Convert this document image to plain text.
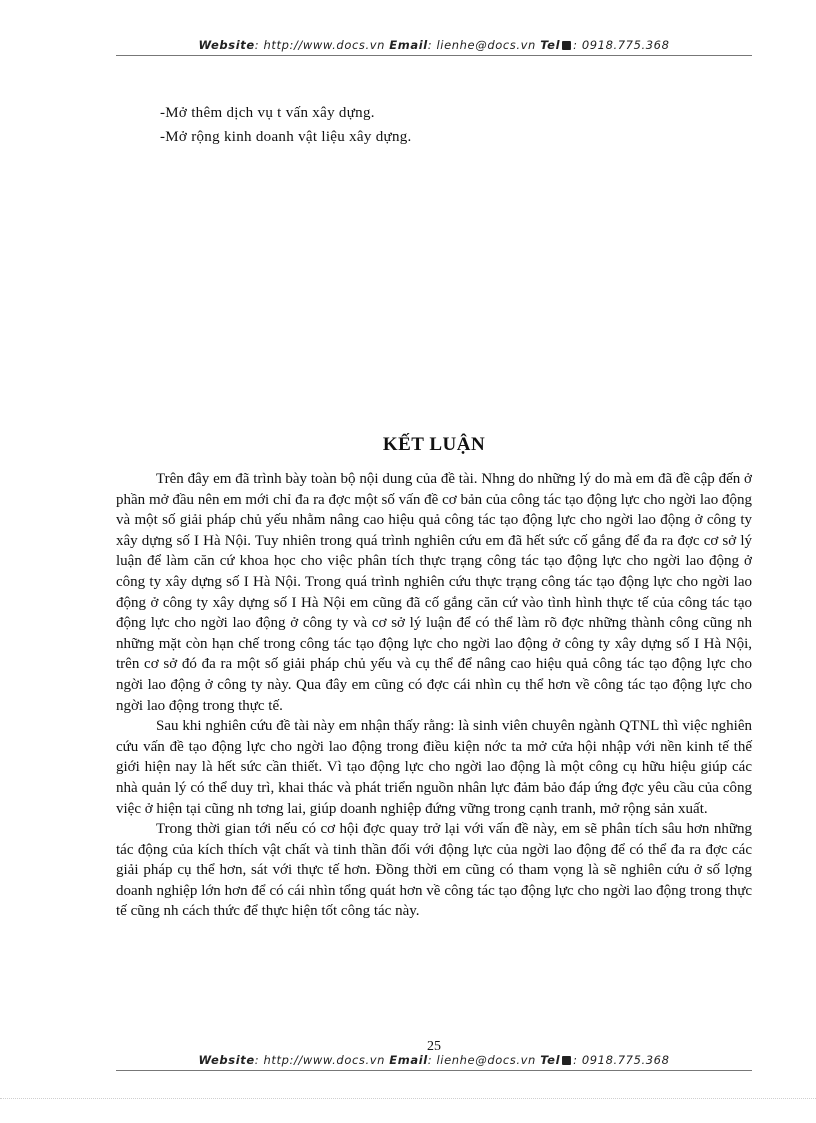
Website: http://www.docs.vn Email: lienhe@docs.vn Tel : 0918.775.368
-Mở thêm dịch vụ t vấn xây dựng.
-Mở rộng kinh doanh vật liệu xây dựng.
KẾT LUẬN

Trên đây em đã trình bày toàn bộ nội dung của đề tài. Nhng do những lý do mà em đã đề cập đến ở phần mở đầu nên em mới chỉ đa ra đợc một số vấn đề cơ bản của công tác tạo động lực cho ngời lao động và một số giải pháp chủ yếu nhằm nâng cao hiệu quả công tác tạo động lực cho ngời lao động ở công ty xây dựng số I Hà Nội. Tuy nhiên trong quá trình nghiên cứu em đã hết sức cố gắng để đa ra đợc cơ sở lý luận để làm căn cứ khoa học cho việc phân tích thực trạng công tác tạo động lực cho ngời lao động ở công ty xây dựng số I Hà Nội. Trong quá trình nghiên cứu thực trạng công tác tạo động lực cho ngời lao động ở công ty xây dựng số I Hà Nội em cũng đã cố gắng căn cứ vào tình hình thực tế của công tác tạo động lực cho ngời lao động ở công ty và cơ sở lý luận để có thể làm rõ đợc những thành công cũng nh những mặt còn hạn chế trong công tác tạo động lực cho ngời lao động ở công ty xây dựng số I Hà Nội, trên cơ sở đó đa ra một số giải pháp chủ yếu và cụ thể để nâng cao hiệu quả công tác tạo động lực cho ngời lao động ở công ty này. Qua đây em cũng có đợc cái nhìn cụ thể hơn về công tác tạo động lực cho ngời lao động trong thực tế.

Sau khi nghiên cứu đề tài này em nhận thấy rằng: là sinh viên chuyên ngành QTNL thì việc nghiên cứu vấn đề tạo động lực cho ngời lao động trong điều kiện nớc ta mở cửa hội nhập với nền kinh tế thế giới hiện nay là hết sức cần thiết. Vì tạo động lực cho ngời lao động là một công cụ hữu hiệu giúp các nhà quản lý có thể duy trì, khai thác và phát triển nguồn nhân lực đảm bảo đáp ứng đợc yêu cầu của công việc ở hiện tại cũng nh tơng lai, giúp doanh nghiệp đứng vững trong cạnh tranh, mở rộng sản xuất.

Trong thời gian tới nếu có cơ hội đợc quay trở lại với vấn đề này, em sẽ phân tích sâu hơn những tác động của kích thích vật chất và tinh thần đối với động lực của ngời lao động để có thể đa ra đợc các giải pháp cụ thể hơn, sát với thực tế hơn. Đồng thời em cũng có tham vọng là sẽ nghiên cứu ở số lợng doanh nghiệp lớn hơn để có cái nhìn tổng quát hơn về công tác tạo động lực cho ngời lao động trong thực tế cũng nh cách thức để thực hiện tốt công tác này.

25
Website: http://www.docs.vn Email: lienhe@docs.vn Tel : 0918.775.368
